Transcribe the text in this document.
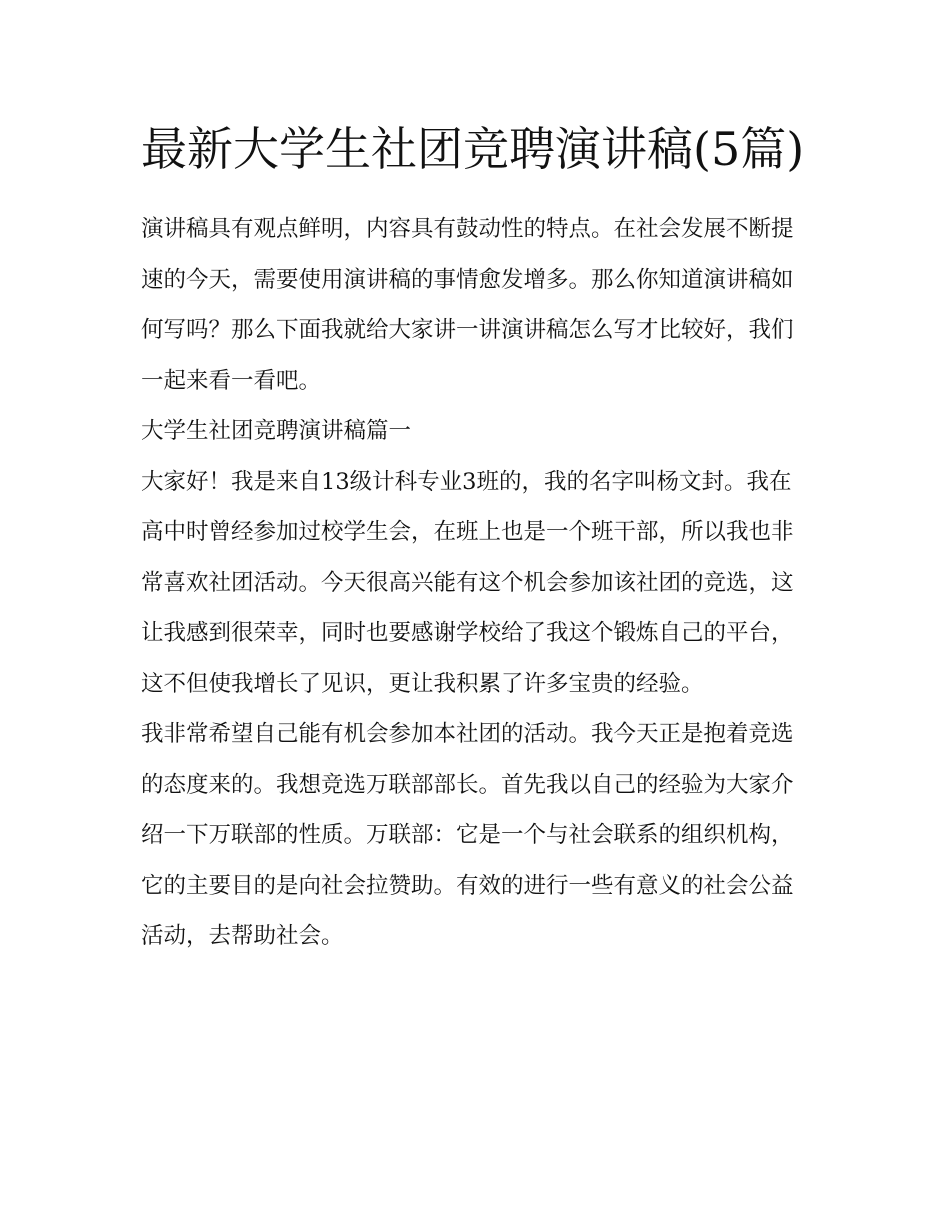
最新大学生社团竞聘演讲稿(5篇)

演讲稿具有观点鲜明，内容具有鼓动性的特点。在社会发展不断提速的今天，需要使用演讲稿的事情愈发增多。那么你知道演讲稿如何写吗？那么下面我就给大家讲一讲演讲稿怎么写才比较好，我们一起来看一看吧。

大学生社团竞聘演讲稿篇一

大家好！我是来自13级计科专业3班的，我的名字叫杨文封。我在高中时曾经参加过校学生会，在班上也是一个班干部，所以我也非常喜欢社团活动。今天很高兴能有这个机会参加该社团的竞选，这让我感到很荣幸，同时也要感谢学校给了我这个锻炼自己的平台，这不但使我增长了见识，更让我积累了许多宝贵的经验。

我非常希望自己能有机会参加本社团的活动。我今天正是抱着竞选的态度来的。我想竞选万联部部长。首先我以自己的经验为大家介绍一下万联部的性质。万联部：它是一个与社会联系的组织机构，它的主要目的是向社会拉赞助。有效的进行一些有意义的社会公益活动，去帮助社会。
